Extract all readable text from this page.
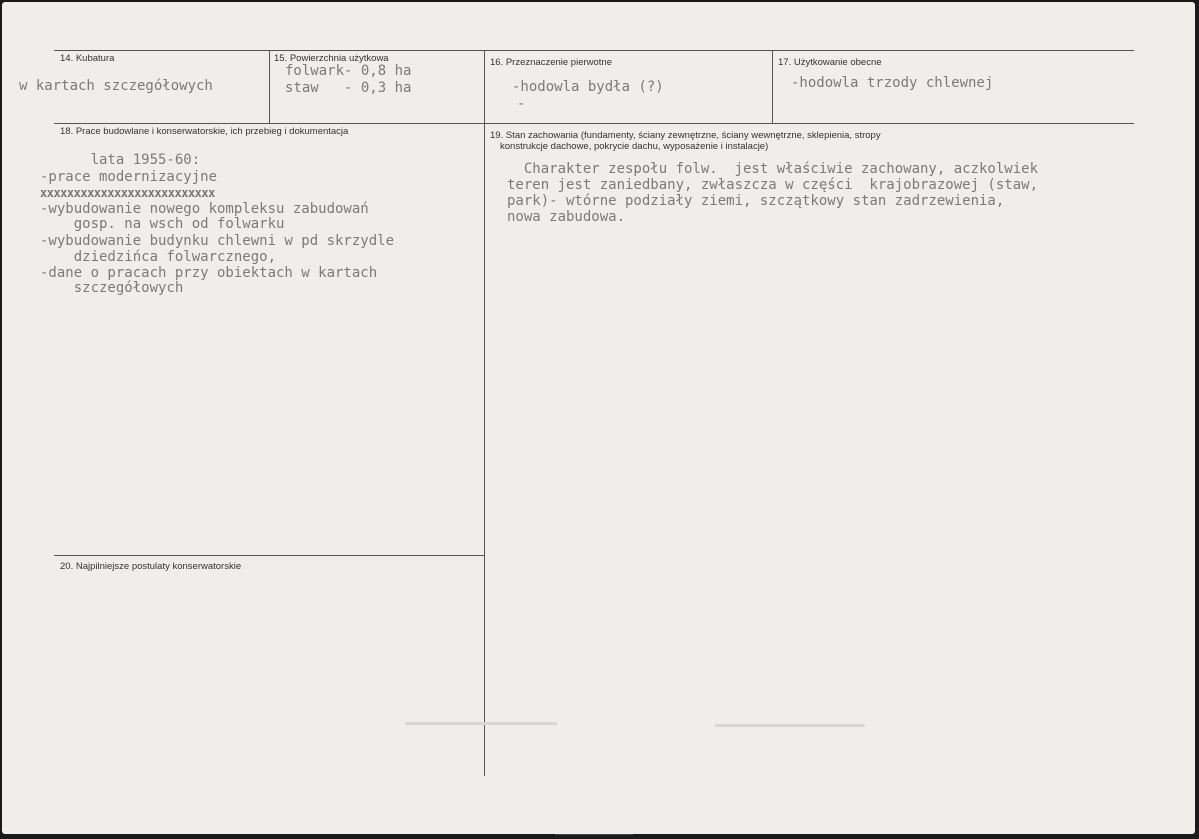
14. Kubatura
w kartach szczegółowych
15. Powierzchnia użytkowa
folwark- 0,8 ha
staw   - 0,3 ha
16. Przeznaczenie pierwotne
-hodowla bydła (?)
-
17. Użytkowanie obecne
-hodowla trzody chlewnej
18. Prace budowlane i konserwatorskie, ich przebieg i dokumentacja
lata 1955-60:
-prace modernizacyjne
xxxxxxxxxxxxxxxxxxxxxxxxxx
-wybudowanie nowego kompleksu zabudowań
gosp. na wsch od folwarku
-wybudowanie budynku chlewni w pd skrzydle
dziedzińca folwarcznego,
-dane o pracach przy obiektach w kartach
szczegółowych
19. Stan zachowania (fundamenty, ściany zewnętrzne, ściany wewnętrzne, sklepienia, stropy
konstrukcje dachowe, pokrycie dachu, wyposażenie i instalacje)
Charakter zespołu folw.  jest właściwie zachowany, aczkolwiek
teren jest zaniedbany, zwłaszcza w części  krajobrazowej (staw,
park)- wtórne podziały ziemi, szczątkowy stan zadrzewienia,
nowa zabudowa.
20. Najpilniejsze postulaty konserwatorskie
